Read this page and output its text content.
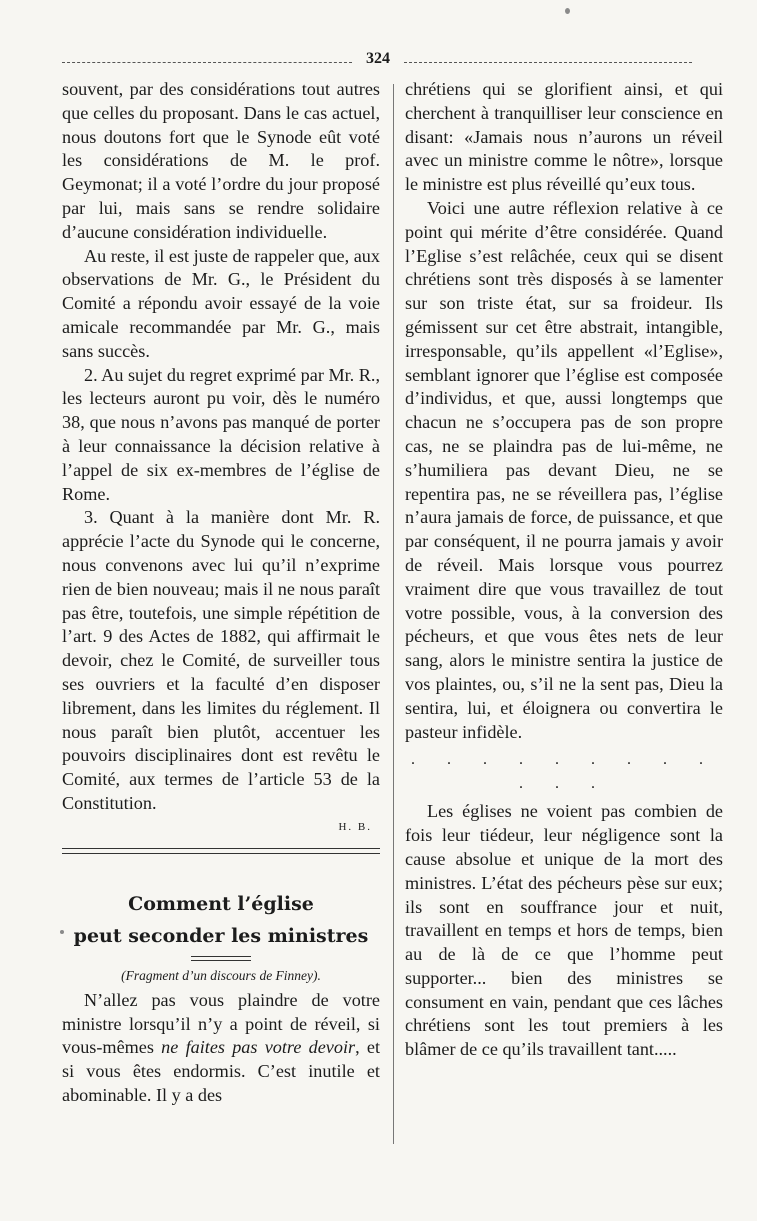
324

souvent, par des considérations tout autres que celles du proposant. Dans le cas actuel, nous doutons fort que le Synode eût voté les considérations de M. le prof. Geymonat; il a voté l’ordre du jour proposé par lui, mais sans se rendre solidaire d’aucune considération individuelle.

Au reste, il est juste de rappeler que, aux observations de Mr. G., le Président du Comité a répondu avoir essayé de la voie amicale recommandée par Mr. G., mais sans succès.

2. Au sujet du regret exprimé par Mr. R., les lecteurs auront pu voir, dès le numéro 38, que nous n’avons pas manqué de porter à leur connaissance la décision relative à l’appel de six ex-membres de l’église de Rome.

3. Quant à la manière dont Mr. R. apprécie l’acte du Synode qui le concerne, nous convenons avec lui qu’il n’exprime rien de bien nouveau; mais il ne nous paraît pas être, toutefois, une simple répétition de l’art. 9 des Actes de 1882, qui affirmait le devoir, chez le Comité, de surveiller tous ses ouvriers et la faculté d’en disposer librement, dans les limites du réglement. Il nous paraît bien plutôt, accentuer les pouvoirs disciplinaires dont est revêtu le Comité, aux termes de l’article 53 de la Constitution.

H. B.

Comment l’église
peut seconder les ministres
(Fragment d’un discours de Finney).

N’allez pas vous plaindre de votre ministre lorsqu’il n’y a point de réveil, si vous-mêmes ne faites pas votre devoir, et si vous êtes endormis. C’est inutile et abominable. Il y a des

chrétiens qui se glorifient ainsi, et qui cherchent à tranquilliser leur conscience en disant: «Jamais nous n’aurons un réveil avec un ministre comme le nôtre», lorsque le ministre est plus réveillé qu’eux tous.

Voici une autre réflexion relative à ce point qui mérite d’être considérée. Quand l’Eglise s’est relâchée, ceux qui se disent chrétiens sont très disposés à se lamenter sur son triste état, sur sa froideur. Ils gémissent sur cet être abstrait, intangible, irresponsable, qu’ils appellent «l’Eglise», semblant ignorer que l’église est composée d’individus, et que, aussi longtemps que chacun ne s’occupera pas de son propre cas, ne se plaindra pas de lui-même, ne s’humiliera pas devant Dieu, ne se repentira pas, ne se réveillera pas, l’église n’aura jamais de force, de puissance, et que par conséquent, il ne pourra jamais y avoir de réveil. Mais lorsque vous pourrez vraiment dire que vous travaillez de tout votre possible, vous, à la conversion des pécheurs, et que vous êtes nets de leur sang, alors le ministre sentira la justice de vos plaintes, ou, s’il ne la sent pas, Dieu la sentira, lui, et éloignera ou convertira le pasteur infidèle.

. . . . . . . . . . . .

Les églises ne voient pas combien de fois leur tiédeur, leur négligence sont la cause absolue et unique de la mort des ministres. L’état des pécheurs pèse sur eux; ils sont en souffrance jour et nuit, travaillent en temps et hors de temps, bien au de là de ce que l’homme peut supporter... bien des ministres se consument en vain, pendant que ces lâches chrétiens sont les tout premiers à les blâmer de ce qu’ils travaillent tant.....
